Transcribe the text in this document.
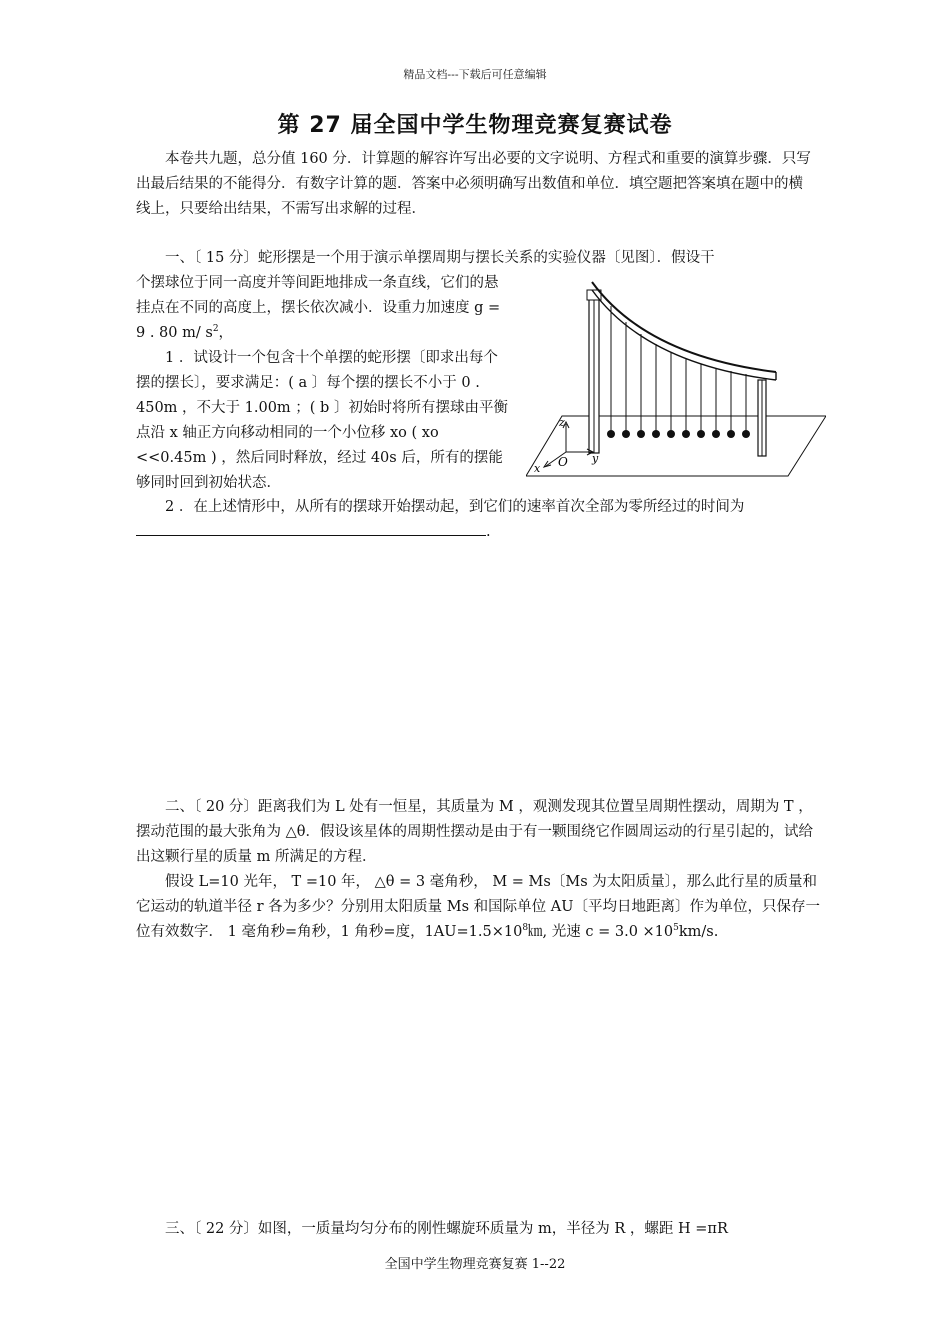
精品文档---下载后可任意编辑
第 27 届全国中学生物理竞赛复赛试卷
本卷共九题，总分值 160 分．计算题的解容许写出必要的文字说明、方程式和重要的演算步骤．只写出最后结果的不能得分．有数字计算的题．答案中必须明确写出数值和单位．填空题把答案填在题中的横线上，只要给出结果，不需写出求解的过程．
一、〔 15 分〕蛇形摆是一个用于演示单摆周期与摆长关系的实验仪器〔见图〕．假设干
个摆球位于同一高度并等间距地排成一条直线，它们的悬挂点在不同的高度上，摆长依次减小．设重力加速度 g = 9 . 80 m/ $s^2$，
1 ．试设计一个包含十个单摆的蛇形摆〔即求出每个摆的摆长〕，要求满足：( a 〕每个摆的摆长不小于 0 . 450m ，不大于 1.00m ；( b 〕初始时将所有摆球由平衡点沿 x 轴正方向移动相同的一个小位移 xo ( xo <<0.45m ) ，然后同时释放，经过 40s 后，所有的摆能够同时回到初始状态．
z
y
x O
2 ．在上述情形中，从所有的摆球开始摆动起，到它们的速率首次全部为零所经过的时间为.
二、〔 20 分〕距离我们为 L 处有一恒星，其质量为 M ，观测发现其位置呈周期性摆动，周期为 T ，摆动范围的最大张角为 △θ．假设该星体的周期性摆动是由于有一颗围绕它作圆周运动的行星引起的，试给出这颗行星的质量 m 所满足的方程．
假设 L=10 光年， T =10 年， △θ = 3 毫角秒， M = Ms〔Ms 为太阳质量〕，那么此行星的质量和它运动的轨道半径 r 各为多少？分别用太阳质量 Ms 和国际单位 AU〔平均日地距离〕作为单位，只保存一位有效数字． 1 毫角秒=角秒，1 角秒=度，$1AU=1.5\times 10^8㎞$, 光速 $c = 3.0 \times 10^5km/s$.
三、〔 22 分〕如图，一质量均匀分布的刚性螺旋环质量为 m，半径为 R ，螺距 H =πR
全国中学生物理竞赛复赛 1--22
